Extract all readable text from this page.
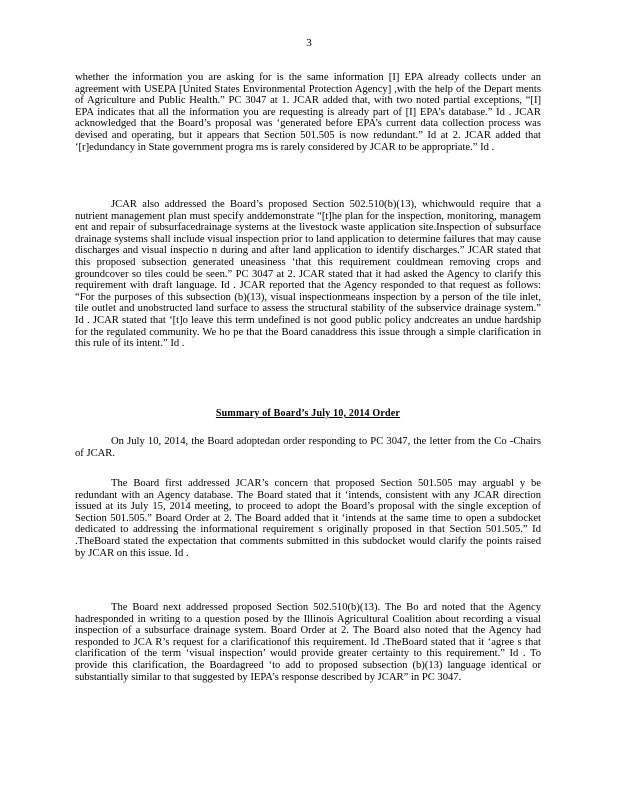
3

whether the information you are asking for is the same information [I] EPA already collects under an agreement with USEPA [United States Environmental Protection Agency] ,with the help of the Depart ments of Agriculture and Public Health.” PC 3047 at 1. JCAR added that, with two noted partial exceptions, “[I] EPA indicates that all the information you are requesting is already part of [I] EPA’s database.” Id . JCAR acknowledged that the Board’s proposal was ‘generated before EPA’s current data collection process was devised and operating, but it appears that Section 501.505 is now redundant.” Id at 2. JCAR added that ‘[r]edundancy in State government progra ms is rarely considered by JCAR to be appropriate.” Id .

JCAR also addressed the Board’s proposed Section 502.510(b)(13), whichwould require that a nutrient management plan must specify anddemonstrate “[t]he plan for the inspection, monitoring, managem ent and repair of subsurfacedrainage systems at the livestock waste application site.Inspection of subsurface drainage systems shall include visual inspection prior to land application to determine failures that may cause discharges and visual inspectio n during and after land application to identify discharges.” JCAR stated that this proposed subsection generated uneasiness ‘that this requirement couldmean removing crops and groundcover so tiles could be seen.” PC 3047 at 2. JCAR stated that it had asked the Agency to clarify this requirement with draft language. Id . JCAR reported that the Agency responded to that request as follows: “For the purposes of this subsection (b)(13), visual inspectionmeans inspection by a person of the tile inlet, tile outlet and unobstructed land surface to assess the structural stability of the subservice drainage system.” Id . JCAR stated that ‘[t]o leave this term undefined is not good public policy andcreates an undue hardship for the regulated community. We ho pe that the Board canaddress this issue through a simple clarification in this rule of its intent.” Id .

Summary of Board’s July 10, 2014 Order

On July 10, 2014, the Board adoptedan order responding to PC 3047, the letter from the Co -Chairs of JCAR.

The Board first addressed JCAR’s concern that proposed Section 501.505 may arguabl y be redundant with an Agency database. The Board stated that it ‘intends, consistent with any JCAR direction issued at its July 15, 2014 meeting, to proceed to adopt the Board’s proposal with the single exception of Section 501.505.” Board Order at 2. The Board added that it ‘intends at the same time to open a subdocket dedicated to addressing the informational requirement s originally proposed in that Section 501.505.” Id .TheBoard stated the expectation that comments submitted in this subdocket would clarify the points raised by JCAR on this issue. Id .

The Board next addressed proposed Section 502.510(b)(13). The Bo ard noted that the Agency hadresponded in writing to a question posed by the Illinois Agricultural Coalition about recording a visual inspection of a subsurface drainage system. Board Order at 2. The Board also noted that the Agency had responded to JCA R’s request for a clarificationof this requirement. Id .TheBoard stated that it ‘agree s that clarification of the term ‘visual inspection’ would provide greater certainty to this requirement.” Id . To provide this clarification, the Boardagreed ‘to add to proposed subsection (b)(13) language identical or substantially similar to that suggested by IEPA’s response described by JCAR” in PC 3047.
